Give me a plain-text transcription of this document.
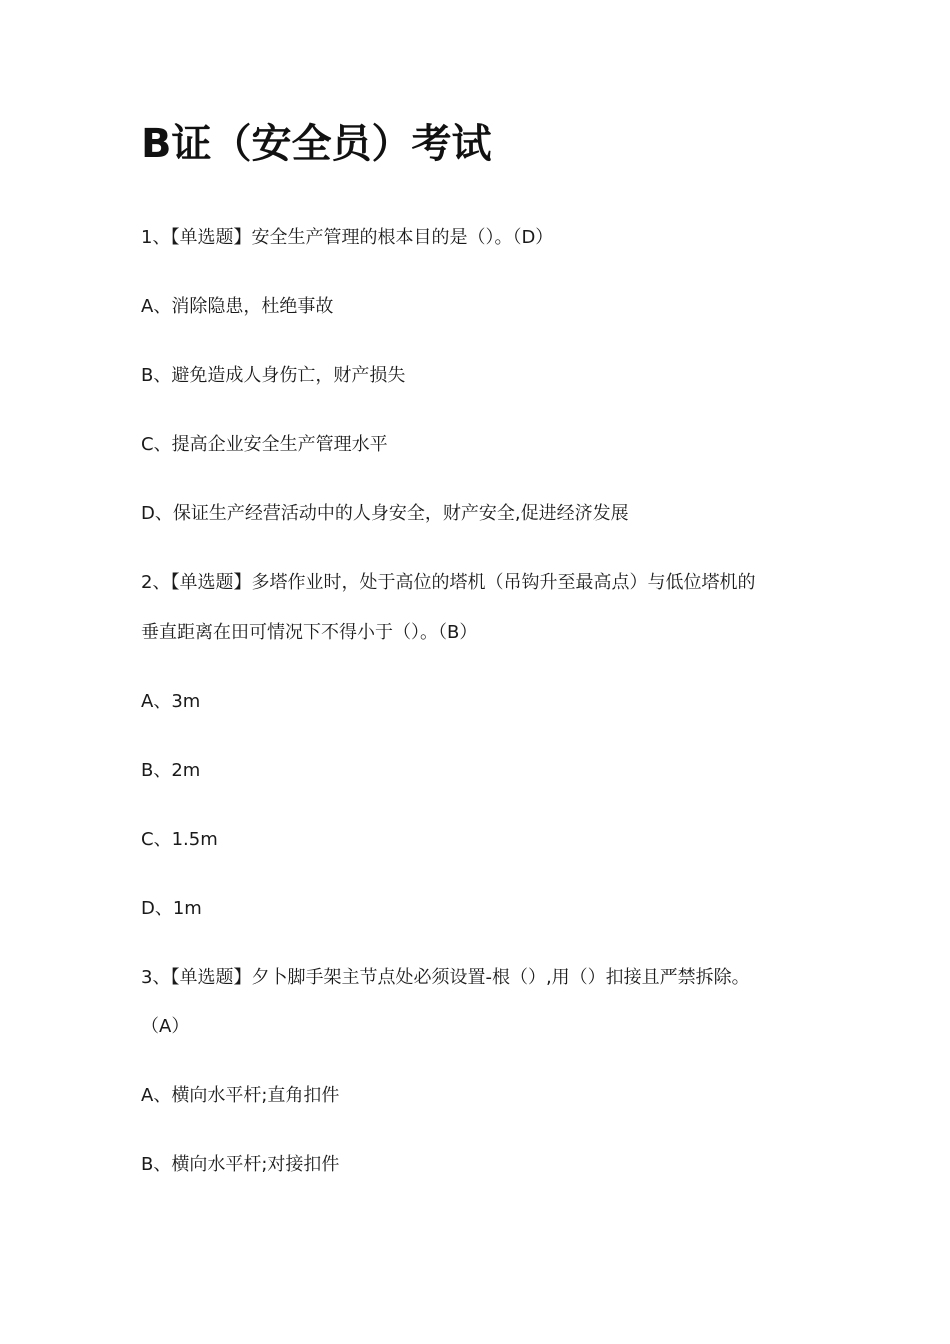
B证（安全员）考试

1、【单选题】安全生产管理的根本目的是（）。（D）

A、消除隐患，杜绝事故

B、避免造成人身伤亡，财产损失

C、提高企业安全生产管理水平

D、保证生产经营活动中的人身安全，财产安全,促进经济发展

2、【单选题】多塔作业时，处于高位的塔机（吊钩升至最高点）与低位塔机的

垂直距离在田可情况下不得小于（）。（B）

A、3m

B、2m

C、1.5m

D、1m

3、【单选题】夕卜脚手架主节点处必须设置-根（）,用（）扣接且严禁拆除。

（A）

A、横向水平杆;直角扣件

B、横向水平杆;对接扣件
